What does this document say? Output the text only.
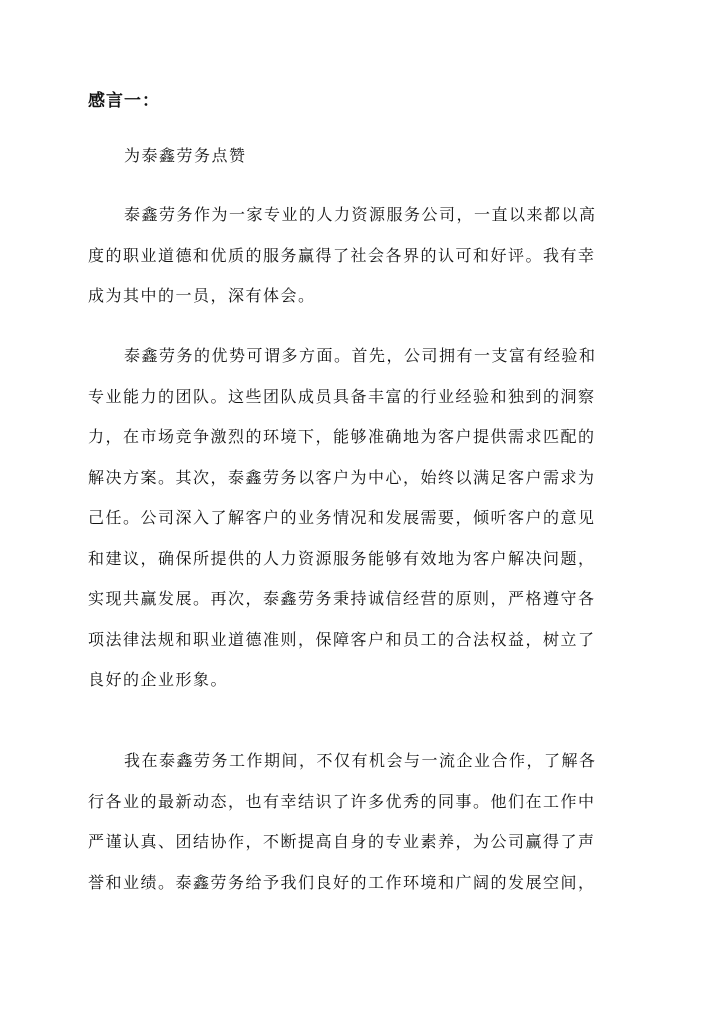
感言一：
为泰鑫劳务点赞
泰鑫劳务作为一家专业的人力资源服务公司，一直以来都以高
度的职业道德和优质的服务赢得了社会各界的认可和好评。我有幸
成为其中的一员，深有体会。
泰鑫劳务的优势可谓多方面。首先，公司拥有一支富有经验和
专业能力的团队。这些团队成员具备丰富的行业经验和独到的洞察
力，在市场竞争激烈的环境下，能够准确地为客户提供需求匹配的
解决方案。其次，泰鑫劳务以客户为中心，始终以满足客户需求为
己任。公司深入了解客户的业务情况和发展需要，倾听客户的意见
和建议，确保所提供的人力资源服务能够有效地为客户解决问题，
实现共赢发展。再次，泰鑫劳务秉持诚信经营的原则，严格遵守各
项法律法规和职业道德准则，保障客户和员工的合法权益，树立了
良好的企业形象。
我在泰鑫劳务工作期间，不仅有机会与一流企业合作，了解各
行各业的最新动态，也有幸结识了许多优秀的同事。他们在工作中
严谨认真、团结协作，不断提高自身的专业素养，为公司赢得了声
誉和业绩。泰鑫劳务给予我们良好的工作环境和广阔的发展空间，
